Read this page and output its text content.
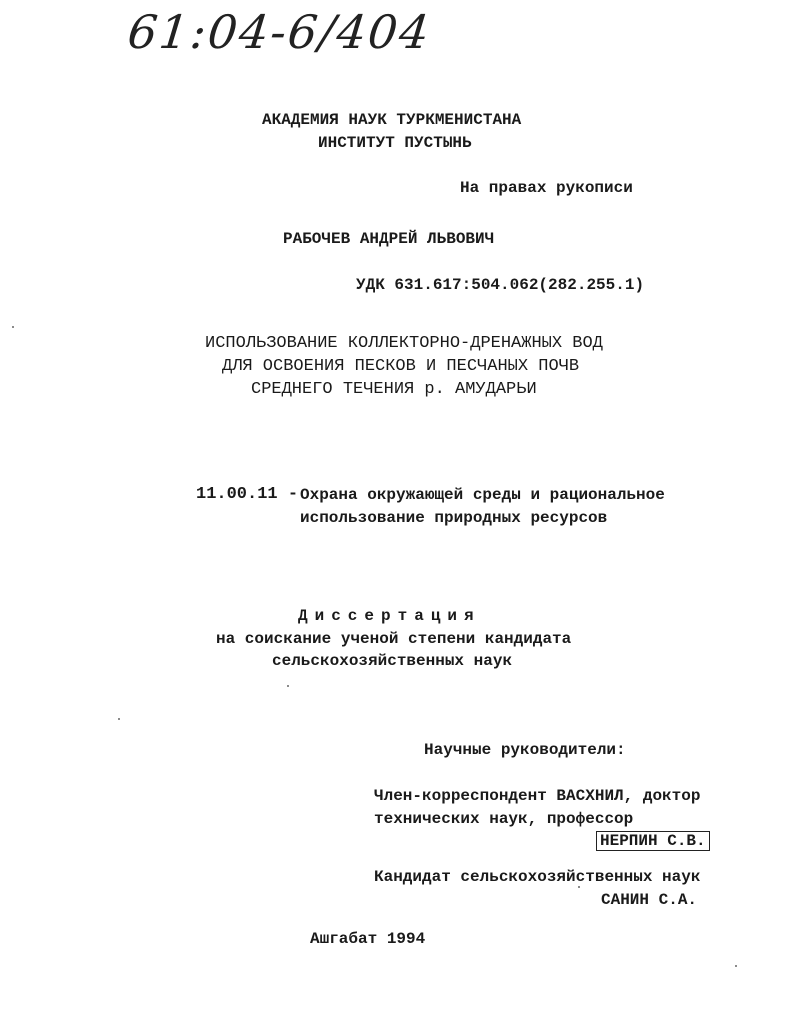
61:04-6/404
АКАДЕМИЯ НАУК ТУРКМЕНИСТАНА
ИНСТИТУТ ПУСТЫНЬ
На правах рукописи
РАБОЧЕВ АНДРЕЙ ЛЬВОВИЧ
УДК 631.617:504.062(282.255.1)
ИСПОЛЬЗОВАНИЕ КОЛЛЕКТОРНО-ДРЕНАЖНЫХ ВОД
ДЛЯ ОСВОЕНИЯ ПЕСКОВ И ПЕСЧАНЫХ ПОЧВ
СРЕДНЕГО ТЕЧЕНИЯ р. АМУДАРЬИ
11.00.11 - Охрана окружающей среды и рациональное
использование природных ресурсов
Диссертация
на соискание ученой степени кандидата
сельскохозяйственных наук
Научные руководители:
Член-корреспондент ВАСХНИЛ, доктор
технических наук, профессор
НЕРПИН С.В.
Кандидат сельскохозяйственных наук
САНИН С.А.
Ашгабат 1994
